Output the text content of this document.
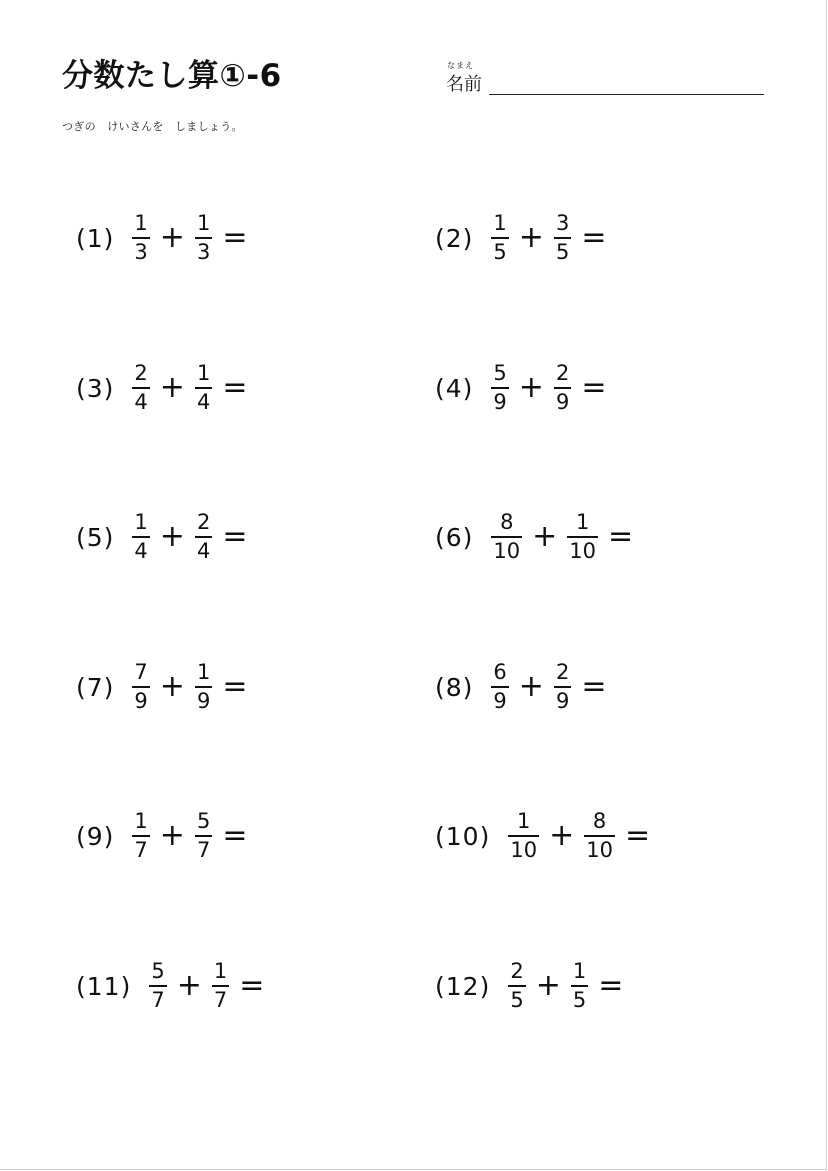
分数たし算①-6	なまえ
名前
つぎの　けいさんを　しましょう。
$(1) \frac{1}{3} + \frac{1}{3}$ =	$(2) \frac{1}{5} + \frac{3}{5}$ =
$(3) \frac{2}{4} + \frac{1}{4}$ =	$(4) \frac{5}{9} + \frac{2}{9}$ =
$(5) \frac{1}{4} + \frac{2}{4}$ =	$(6) \frac{8}{10} + \frac{1}{10}$ =
$(7) \frac{7}{9} + \frac{1}{9}$ =	$(8) \frac{6}{9} + \frac{2}{9}$ =
$(9) \frac{1}{7} + \frac{5}{7}$ =	$(10) \frac{1}{10} + \frac{8}{10}$ =
$(11) \frac{5}{7} + \frac{1}{7}$ =	$(12) \frac{2}{5} + \frac{1}{5}$ =
